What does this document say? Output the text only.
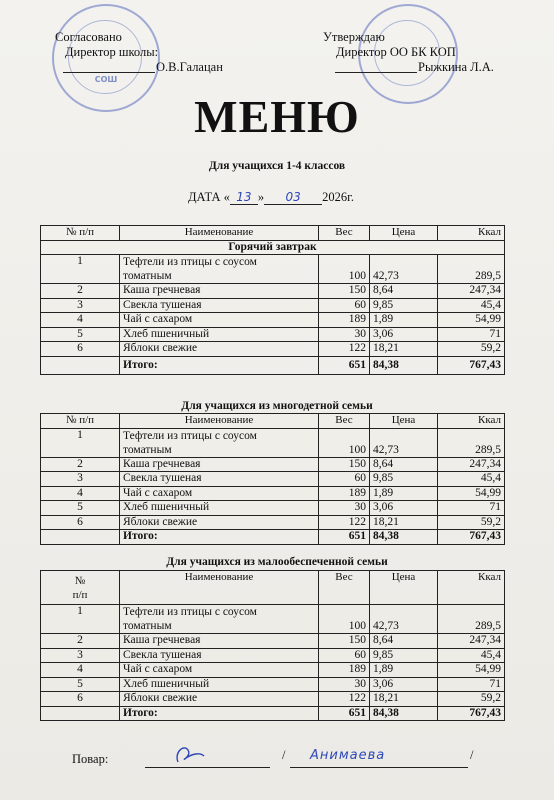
СОШ
Согласовано
Директор школы:
О.В.Галацан
Утверждаю
Директор ОО БК КОП
Рыжкина Л.А.
МЕНЮ
Для учащихся 1-4 классов
ДАТА « 13 » 03 2026г.
№ п/п	Наименование	Вес	Цена	Ккал
Горячий завтрак				
1	Тефтели из птицы с соусом
томатным	100	42,73	289,5
2	Каша гречневая	150	8,64	247,34
3	Свекла тушеная	60	9,85	45,4
4	Чай с сахаром	189	1,89	54,99
5	Хлеб пшеничный	30	3,06	71
6	Яблоки свежие	122	18,21	59,2
	Итого:	651	84,38	767,43
Для учащихся из многодетной семьи
№ п/п	Наименование	Вес	Цена	Ккал
1	Тефтели из птицы с соусом
томатным	100	42,73	289,5
2	Каша гречневая	150	8,64	247,34
3	Свекла тушеная	60	9,85	45,4
4	Чай с сахаром	189	1,89	54,99
5	Хлеб пшеничный	30	3,06	71
6	Яблоки свежие	122	18,21	59,2
	Итого:	651	84,38	767,43
Для учащихся из малообеспеченной семьи
№
п/п	Наименование	Вес	Цена	Ккал
1	Тефтели из птицы с соусом
томатным	100	42,73	289,5
2	Каша гречневая	150	8,64	247,34
3	Свекла тушеная	60	9,85	45,4
4	Чай с сахаром	189	1,89	54,99
5	Хлеб пшеничный	30	3,06	71
6	Яблоки свежие	122	18,21	59,2
	Итого:	651	84,38	767,43
Повар:	/ Анимаева	/
